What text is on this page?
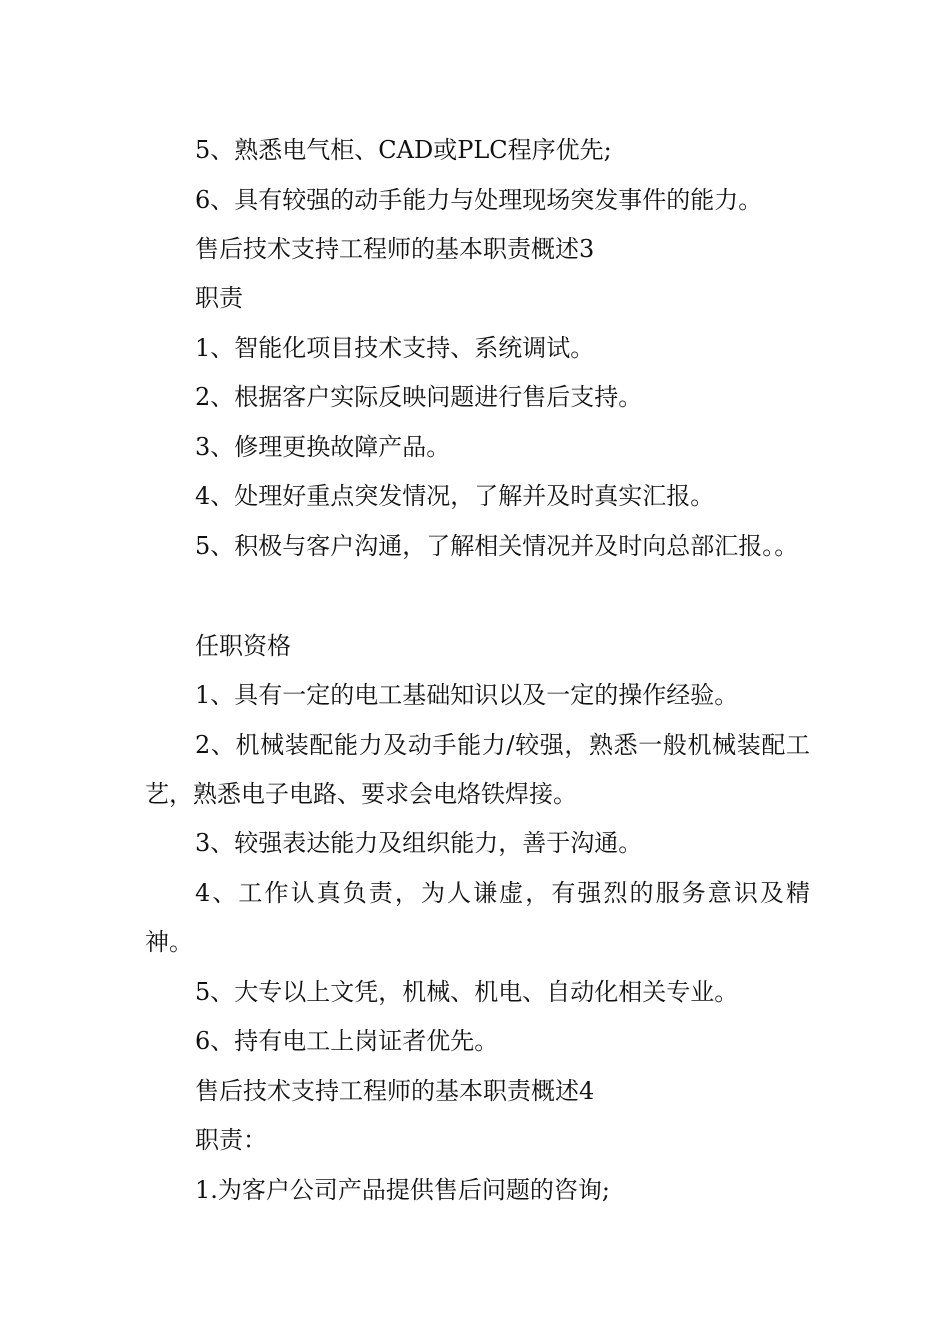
5、熟悉电气柜、CAD或PLC程序优先;

6、具有较强的动手能力与处理现场突发事件的能力。

售后技术支持工程师的基本职责概述3

职责

1、智能化项目技术支持、系统调试。

2、根据客户实际反映问题进行售后支持。

3、修理更换故障产品。

4、处理好重点突发情况，了解并及时真实汇报。

5、积极与客户沟通，了解相关情况并及时向总部汇报。。

任职资格

1、具有一定的电工基础知识以及一定的操作经验。

2、机械装配能力及动手能力/较强，熟悉一般机械装配工艺，熟悉电子电路、要求会电烙铁焊接。

3、较强表达能力及组织能力，善于沟通。

4、工作认真负责，为人谦虚，有强烈的服务意识及精神。

5、大专以上文凭，机械、机电、自动化相关专业。

6、持有电工上岗证者优先。

售后技术支持工程师的基本职责概述4

职责：

1.为客户公司产品提供售后问题的咨询;
